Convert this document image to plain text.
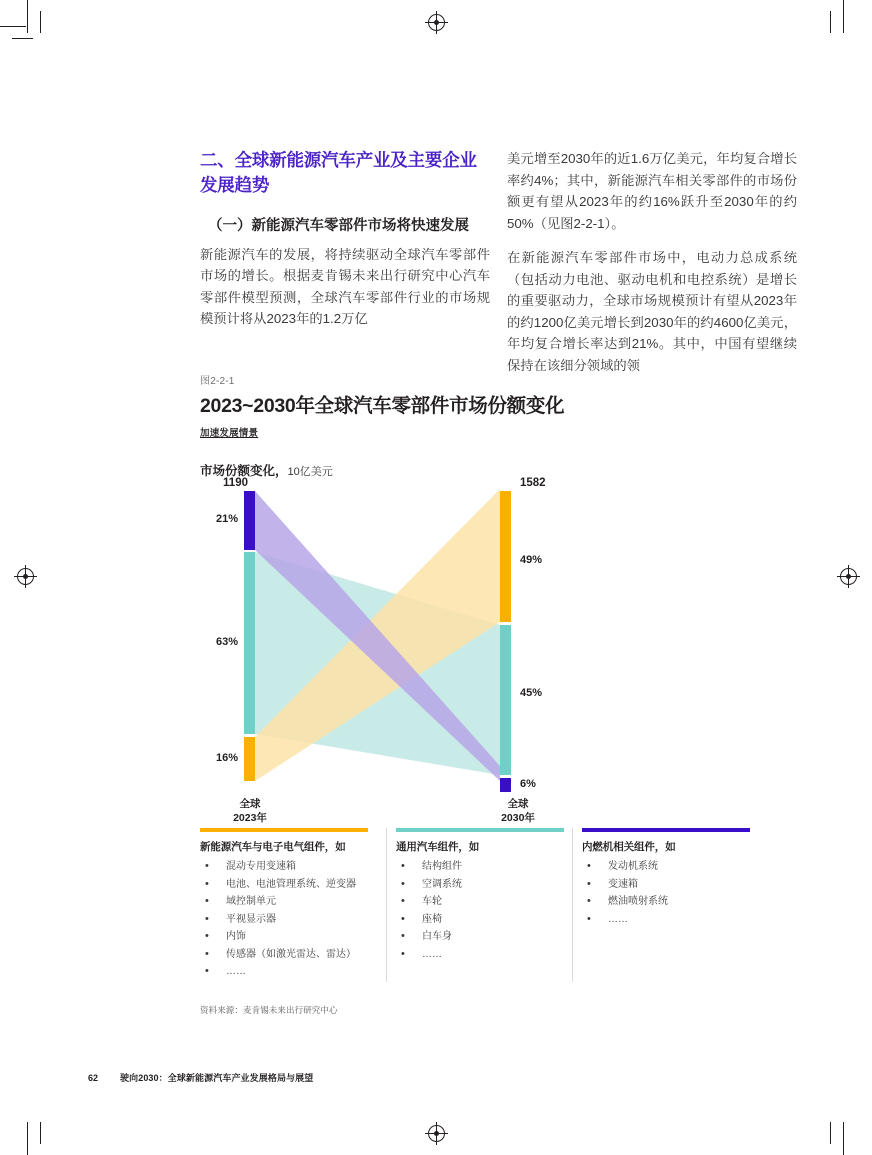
二、全球新能源汽车产业及主要企业发展趋势
（一）新能源汽车零部件市场将快速发展

新能源汽车的发展，将持续驱动全球汽车零部件市场的增长。根据麦肯锡未来出行研究中心汽车零部件模型预测，全球汽车零部件行业的市场规模预计将从2023年的1.2万亿

美元增至2030年的近1.6万亿美元，年均复合增长率约4%；其中，新能源汽车相关零部件的市场份额更有望从2023年的约16%跃升至2030年的约50%（见图2-2-1）。

在新能源汽车零部件市场中，电动力总成系统（包括动力电池、驱动电机和电控系统）是增长的重要驱动力，全球市场规模预计有望从2023年的约1200亿美元增长到2030年的约4600亿美元，年均复合增长率达到21%。其中，中国有望继续保持在该细分领域的领

图2-2-1
2023~2030年全球汽车零部件市场份额变化
加速发展情景
市场份额变化，10亿美元
1190
21%
63%
16%
1582
49%
45%
6%
全球
2023年
全球
2030年
新能源汽车与电子电气组件，如
• 混动专用变速箱
• 电池、电池管理系统、逆变器
• 域控制单元
• 平视显示器
• 内饰
• 传感器（如激光雷达、雷达）
• ……
通用汽车组件，如
• 结构组件
• 空调系统
• 车轮
• 座椅
• 白车身
• ……
内燃机相关组件，如
• 发动机系统
• 变速箱
• 燃油喷射系统
• ……
资料来源：麦肯锡未来出行研究中心
62 驶向2030：全球新能源汽车产业发展格局与展望
